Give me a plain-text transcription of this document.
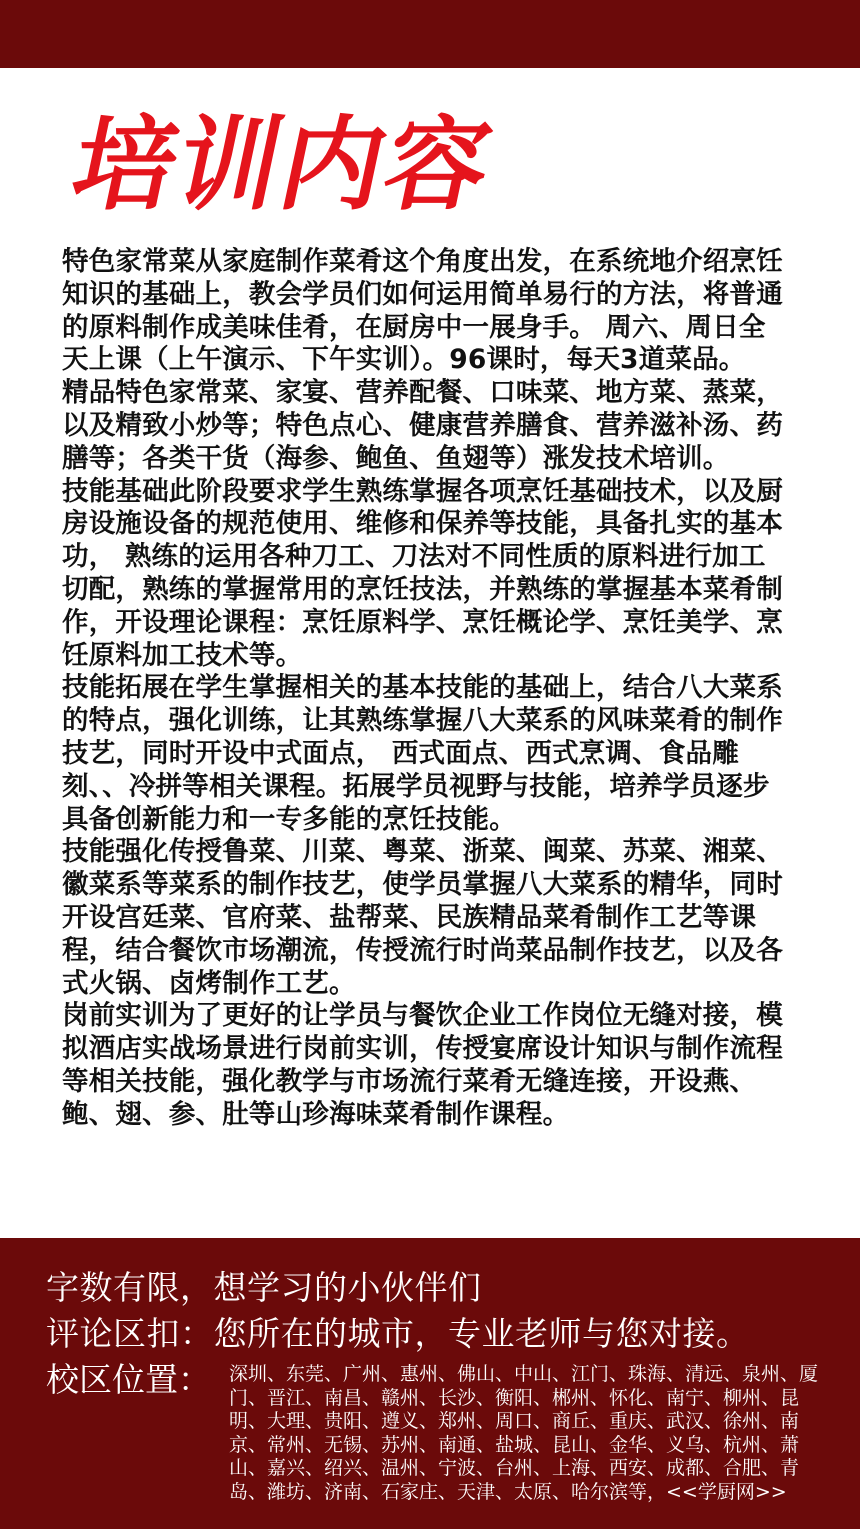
培训内容

特色家常菜从家庭制作菜肴这个角度出发，在系统地介绍烹饪知识的基础上，教会学员们如何运用简单易行的方法，将普通的原料制作成美味佳肴，在厨房中一展身手。 周六、周日全天上课（上午演示、下午实训）。96课时，每天3道菜品。

精品特色家常菜、家宴、营养配餐、口味菜、地方菜、蒸菜，以及精致小炒等；特色点心、健康营养膳食、营养滋补汤、药膳等；各类干货（海参、鲍鱼、鱼翅等）涨发技术培训。

技能基础此阶段要求学生熟练掌握各项烹饪基础技术，以及厨房设施设备的规范使用、维修和保养等技能，具备扎实的基本功， 熟练的运用各种刀工、刀法对不同性质的原料进行加工切配，熟练的掌握常用的烹饪技法，并熟练的掌握基本菜肴制作，开设理论课程：烹饪原料学、烹饪概论学、烹饪美学、烹饪原料加工技术等。

技能拓展在学生掌握相关的基本技能的基础上，结合八大菜系的特点，强化训练，让其熟练掌握八大菜系的风味菜肴的制作技艺，同时开设中式面点， 西式面点、西式烹调、食品雕刻、、冷拼等相关课程。拓展学员视野与技能，培养学员逐步具备创新能力和一专多能的烹饪技能。

技能强化传授鲁菜、川菜、粤菜、浙菜、闽菜、苏菜、湘菜、徽菜系等菜系的制作技艺，使学员掌握八大菜系的精华，同时开设宫廷菜、官府菜、盐帮菜、民族精品菜肴制作工艺等课程，结合餐饮市场潮流，传授流行时尚菜品制作技艺，以及各式火锅、卤烤制作工艺。

岗前实训为了更好的让学员与餐饮企业工作岗位无缝对接，模拟酒店实战场景进行岗前实训，传授宴席设计知识与制作流程等相关技能，强化教学与市场流行菜肴无缝连接，开设燕、鲍、翅、参、肚等山珍海味菜肴制作课程。

字数有限，想学习的小伙伴们

评论区扣：您所在的城市，专业老师与您对接。

校区位置： 深圳、东莞、广州、惠州、佛山、中山、江门、珠海、清远、泉州、厦门、晋江、南昌、赣州、长沙、衡阳、郴州、怀化、南宁、柳州、昆明、大理、贵阳、遵义、郑州、周口、商丘、重庆、武汉、徐州、南京、常州、无锡、苏州、南通、盐城、昆山、金华、义乌、杭州、萧山、嘉兴、绍兴、温州、宁波、台州、上海、西安、成都、合肥、青岛、潍坊、济南、石家庄、天津、太原、哈尔滨等，<<学厨网>>
